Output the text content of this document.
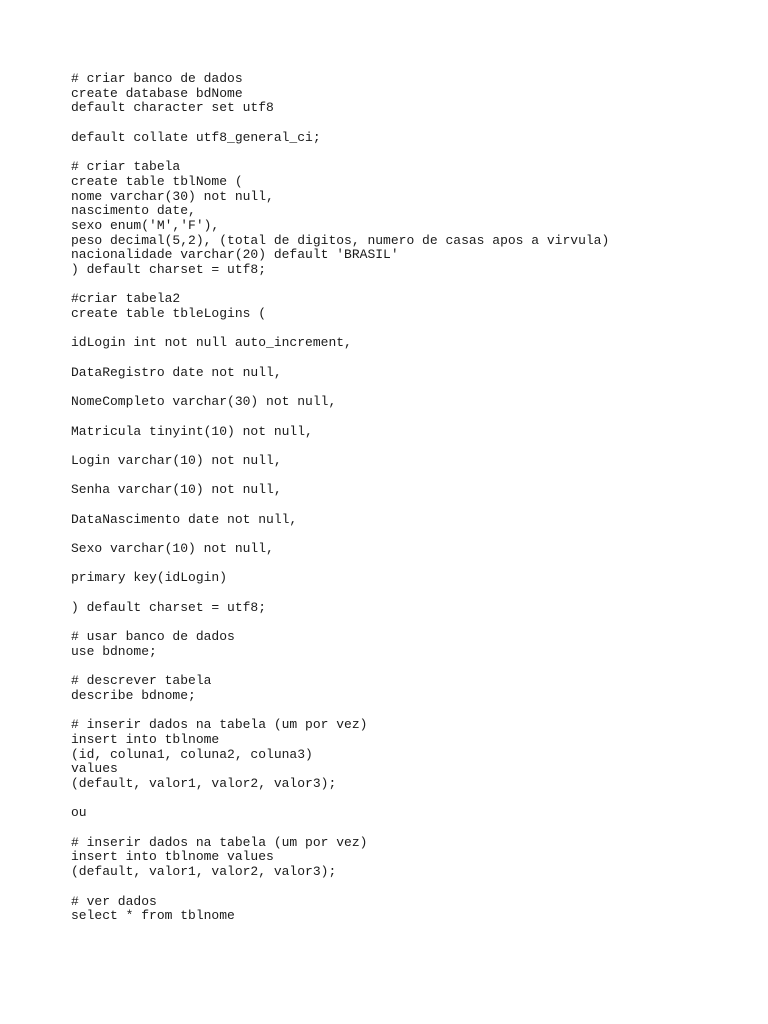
# criar banco de dados
create database bdNome
default character set utf8
default collate utf8_general_ci;
# criar tabela
create table tblNome (
nome varchar(30) not null,
nascimento date,
sexo enum('M','F'),
peso decimal(5,2), (total de digitos, numero de casas apos a virvula)
nacionalidade varchar(20) default 'BRASIL'
) default charset = utf8;
#criar tabela2
create table tbleLogins (
idLogin int not null auto_increment,
DataRegistro date not null,
NomeCompleto varchar(30) not null,
Matricula tinyint(10) not null,
Login varchar(10) not null,
Senha varchar(10) not null,
DataNascimento date not null,
Sexo varchar(10) not null,
primary key(idLogin)
) default charset = utf8;
# usar banco de dados
use bdnome;
# descrever tabela
describe bdnome;
# inserir dados na tabela (um por vez)
insert into tblnome
(id, coluna1, coluna2, coluna3)
values
(default, valor1, valor2, valor3);
ou
# inserir dados na tabela (um por vez)
insert into tblnome values
(default, valor1, valor2, valor3);
# ver dados
select * from tblnome
